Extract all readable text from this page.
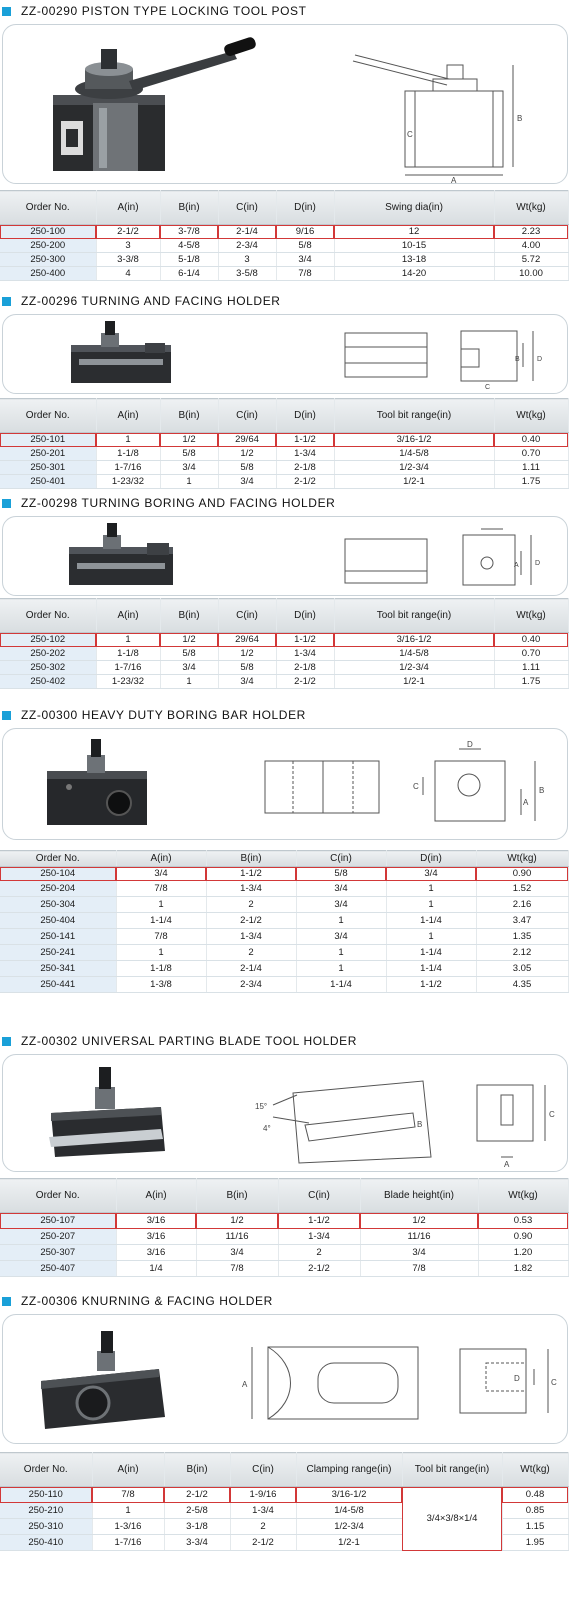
ZZ-00290 PISTON TYPE LOCKING TOOL POST
A
B
C
Order No.	A(in)	B(in)	C(in)	D(in)	Swing dia(in)	Wt(kg)
250-100	2-1/2	3-7/8	2-1/4	9/16	12	2.23
250-200	3	4-5/8	2-3/4	5/8	10-15	4.00
250-300	3-3/8	5-1/8	3	3/4	13-18	5.72
250-400	4	6-1/4	3-5/8	7/8	14-20	10.00
ZZ-00296 TURNING AND FACING HOLDER
B D
C
Order No.	A(in)	B(in)	C(in)	D(in)	Tool bit range(in)	Wt(kg)
250-101	1	1/2	29/64	1-1/2	3/16-1/2	0.40
250-201	1-1/8	5/8	1/2	1-3/4	1/4-5/8	0.70
250-301	1-7/16	3/4	5/8	2-1/8	1/2-3/4	1.11
250-401	1-23/32	1	3/4	2-1/2	1/2-1	1.75
ZZ-00298 TURNING BORING AND FACING HOLDER
A D
Order No.	A(in)	B(in)	C(in)	D(in)	Tool bit range(in)	Wt(kg)
250-102	1	1/2	29/64	1-1/2	3/16-1/2	0.40
250-202	1-1/8	5/8	1/2	1-3/4	1/4-5/8	0.70
250-302	1-7/16	3/4	5/8	2-1/8	1/2-3/4	1.11
250-402	1-23/32	1	3/4	2-1/2	1/2-1	1.75
ZZ-00300 HEAVY DUTY BORING BAR HOLDER
D
C
A
B
Order No.	A(in)	B(in)	C(in)	D(in)	Wt(kg)
250-104	3/4	1-1/2	5/8	3/4	0.90
250-204	7/8	1-3/4	3/4	1	1.52
250-304	1	2	3/4	1	2.16
250-404	1-1/4	2-1/2	1	1-1/4	3.47
250-141	7/8	1-3/4	3/4	1	1.35
250-241	1	2	1	1-1/4	2.12
250-341	1-1/8	2-1/4	1	1-1/4	3.05
250-441	1-3/8	2-3/4	1-1/4	1-1/2	4.35
ZZ-00302 UNIVERSAL PARTING BLADE TOOL HOLDER
15°
4°	B
C
A
Order No.	A(in)	B(in)	C(in)	Blade height(in)	Wt(kg)
250-107	3/16	1/2	1-1/2	1/2	0.53
250-207	3/16	11/16	1-3/4	11/16	0.90
250-307	3/16	3/4	2	3/4	1.20
250-407	1/4	7/8	2-1/2	7/8	1.82
ZZ-00306 KNURNING & FACING HOLDER
A
D	C
Order No.	A(in)	B(in)	C(in)	Clamping range(in)	Tool bit range(in)	Wt(kg)
250-110	7/8	2-1/2	1-9/16	3/16-1/2	3/4×3/8×1/4	0.48
250-210	1	2-5/8	1-3/4	1/4-5/8		0.85
250-310	1-3/16	3-1/8	2	1/2-3/4		1.15
250-410	1-7/16	3-3/4	2-1/2	1/2-1		1.95
